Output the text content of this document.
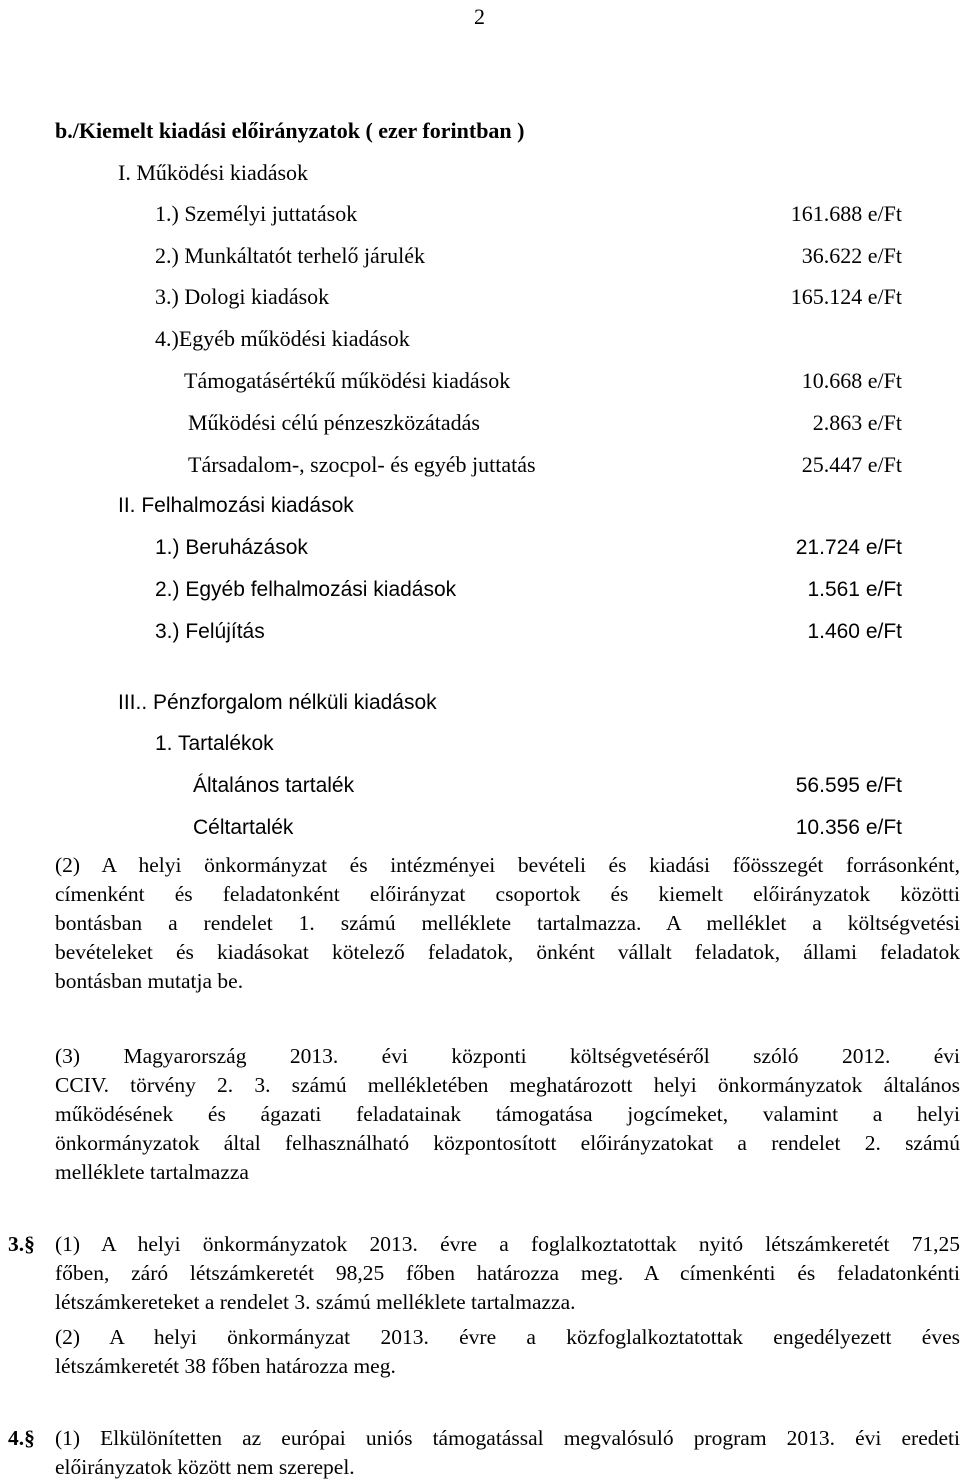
2
b./Kiemelt kiadási előirányzatok ( ezer forintban )
I. Működési kiadások
1.) Személyi juttatások	161.688 e/Ft
2.) Munkáltatót terhelő járulék	36.622 e/Ft
3.) Dologi kiadások	165.124 e/Ft
4.)Egyéb működési kiadások
Támogatásértékű működési kiadások	10.668 e/Ft
Működési célú pénzeszközátadás	2.863 e/Ft
Társadalom-, szocpol- és egyéb juttatás	25.447 e/Ft
II. Felhalmozási kiadások
1.) Beruházások	21.724 e/Ft
2.) Egyéb felhalmozási kiadások	1.561 e/Ft
3.) Felújítás	1.460 e/Ft
III.. Pénzforgalom nélküli kiadások
1. Tartalékok
Általános tartalék	56.595 e/Ft
Céltartalék	10.356 e/Ft
(2) A helyi önkormányzat és intézményei bevételi és kiadási főösszegét forrásonként,
címenként és feladatonként előirányzat csoportok és kiemelt előirányzatok közötti
bontásban a rendelet 1. számú melléklete tartalmazza. A melléklet a költségvetési
bevételeket és kiadásokat kötelező feladatok, önként vállalt feladatok, állami feladatok
bontásban mutatja be.
(3) Magyarország 2013. évi központi költségvetéséről szóló 2012. évi
CCIV. törvény 2. 3. számú mellékletében meghatározott helyi önkormányzatok általános
működésének és ágazati feladatainak támogatása jogcímeket, valamint a helyi
önkormányzatok által felhasználható központosított előirányzatokat a rendelet 2. számú
melléklete tartalmazza
3.§ (1) A helyi önkormányzatok 2013. évre a foglalkoztatottak nyitó létszámkeretét 71,25
főben, záró létszámkeretét 98,25 főben határozza meg. A címenkénti és feladatonkénti
létszámkereteket a rendelet 3. számú melléklete tartalmazza.
(2) A helyi önkormányzat 2013. évre a közfoglalkoztatottak engedélyezett éves
létszámkeretét 38 főben határozza meg.
4.§ (1) Elkülönítetten az európai uniós támogatással megvalósuló program 2013. évi eredeti
előirányzatok között nem szerepel.
